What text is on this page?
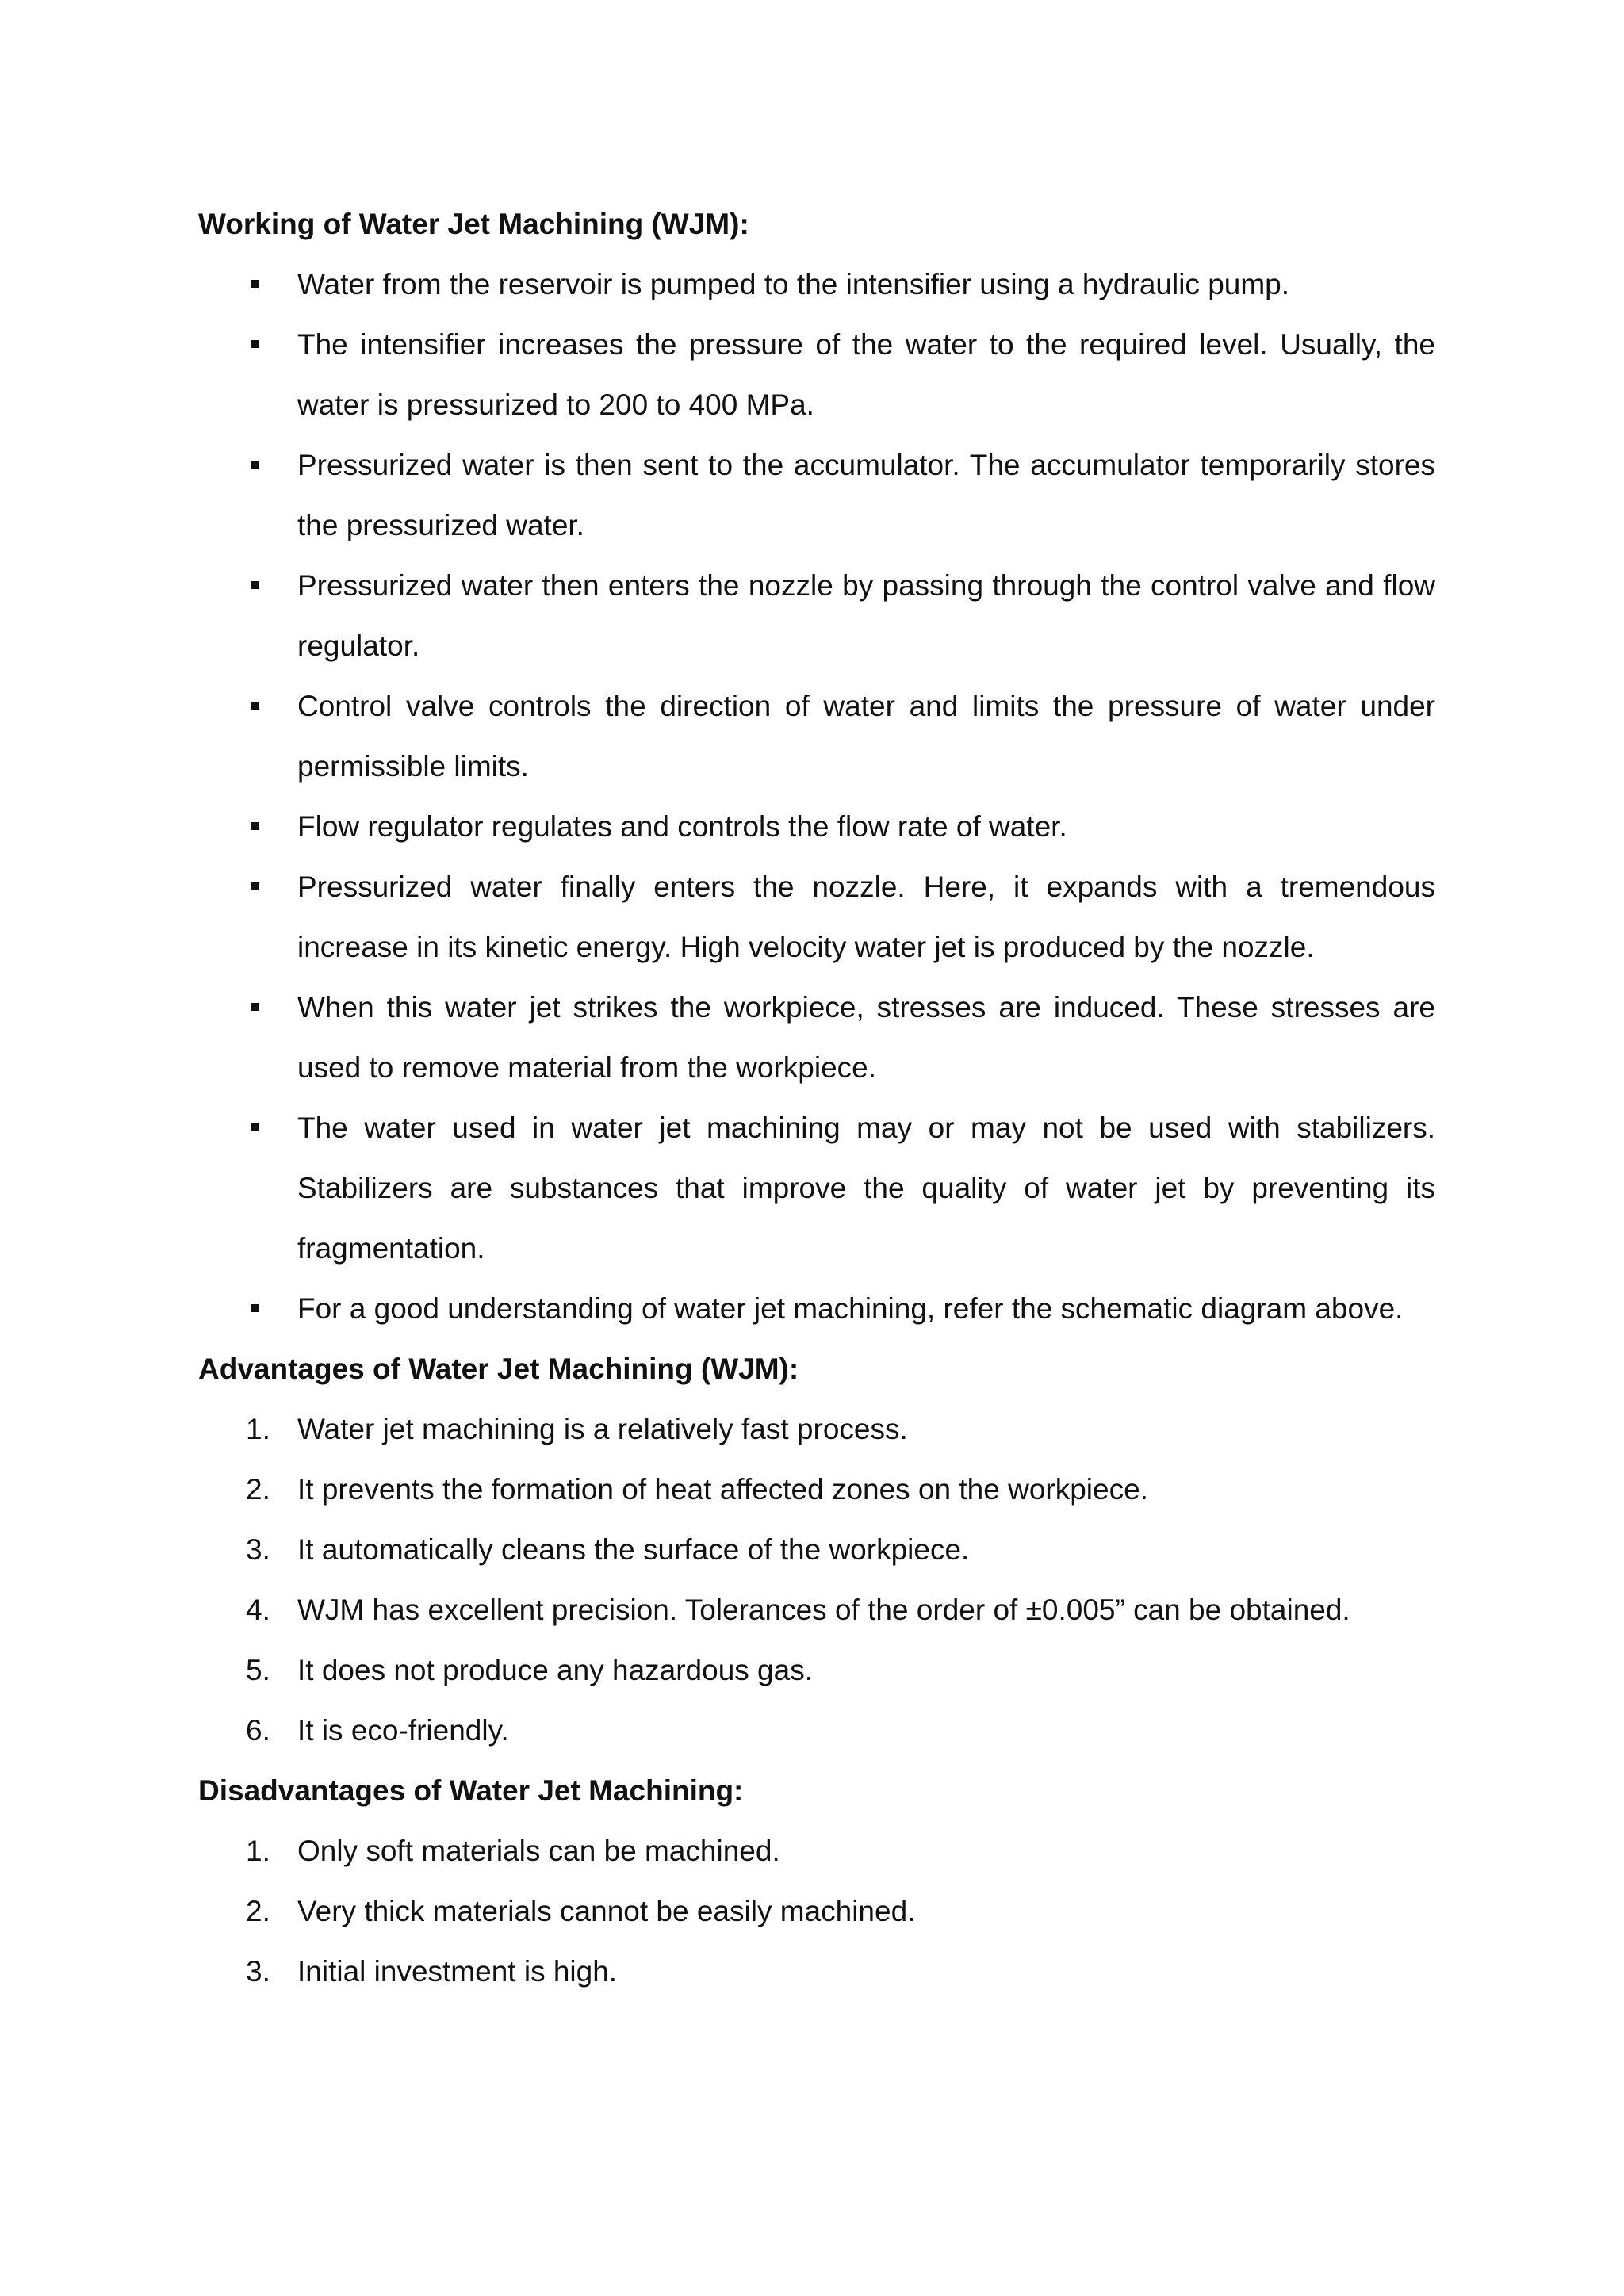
Working of Water Jet Machining (WJM):
Water from the reservoir is pumped to the intensifier using a hydraulic pump.
The intensifier increases the pressure of the water to the required level. Usually, the water is pressurized to 200 to 400 MPa.
Pressurized water is then sent to the accumulator. The accumulator temporarily stores the pressurized water.
Pressurized water then enters the nozzle by passing through the control valve and flow regulator.
Control valve controls the direction of water and limits the pressure of water under permissible limits.
Flow regulator regulates and controls the flow rate of water.
Pressurized water finally enters the nozzle. Here, it expands with a tremendous increase in its kinetic energy. High velocity water jet is produced by the nozzle.
When this water jet strikes the workpiece, stresses are induced. These stresses are used to remove material from the workpiece.
The water used in water jet machining may or may not be used with stabilizers. Stabilizers are substances that improve the quality of water jet by preventing its fragmentation.
For a good understanding of water jet machining, refer the schematic diagram above.
Advantages of Water Jet Machining (WJM):
1. Water jet machining is a relatively fast process.
2. It prevents the formation of heat affected zones on the workpiece.
3. It automatically cleans the surface of the workpiece.
4. WJM has excellent precision. Tolerances of the order of ±0.005” can be obtained.
5. It does not produce any hazardous gas.
6. It is eco-friendly.
Disadvantages of Water Jet Machining:
1. Only soft materials can be machined.
2. Very thick materials cannot be easily machined.
3. Initial investment is high.
